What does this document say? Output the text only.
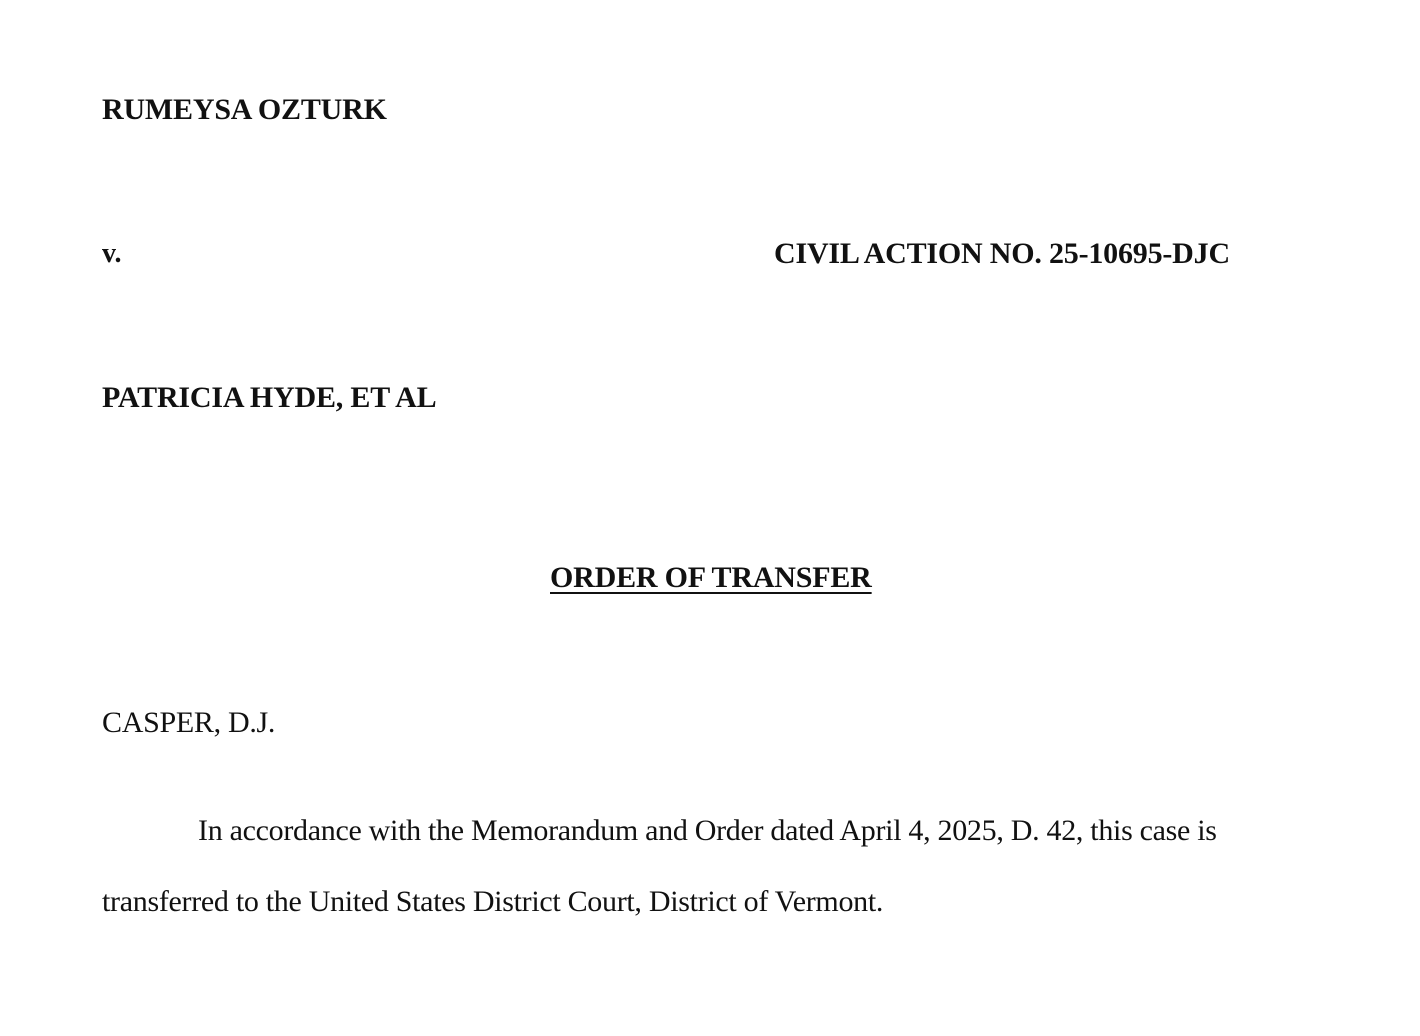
RUMEYSA OZTURK

v.	CIVIL ACTION NO. 25-10695-DJC

PATRICIA HYDE, ET AL

ORDER OF TRANSFER

CASPER, D.J.

In accordance with the Memorandum and Order dated April 4, 2025, D. 42, this case is

transferred to the United States District Court, District of Vermont.
